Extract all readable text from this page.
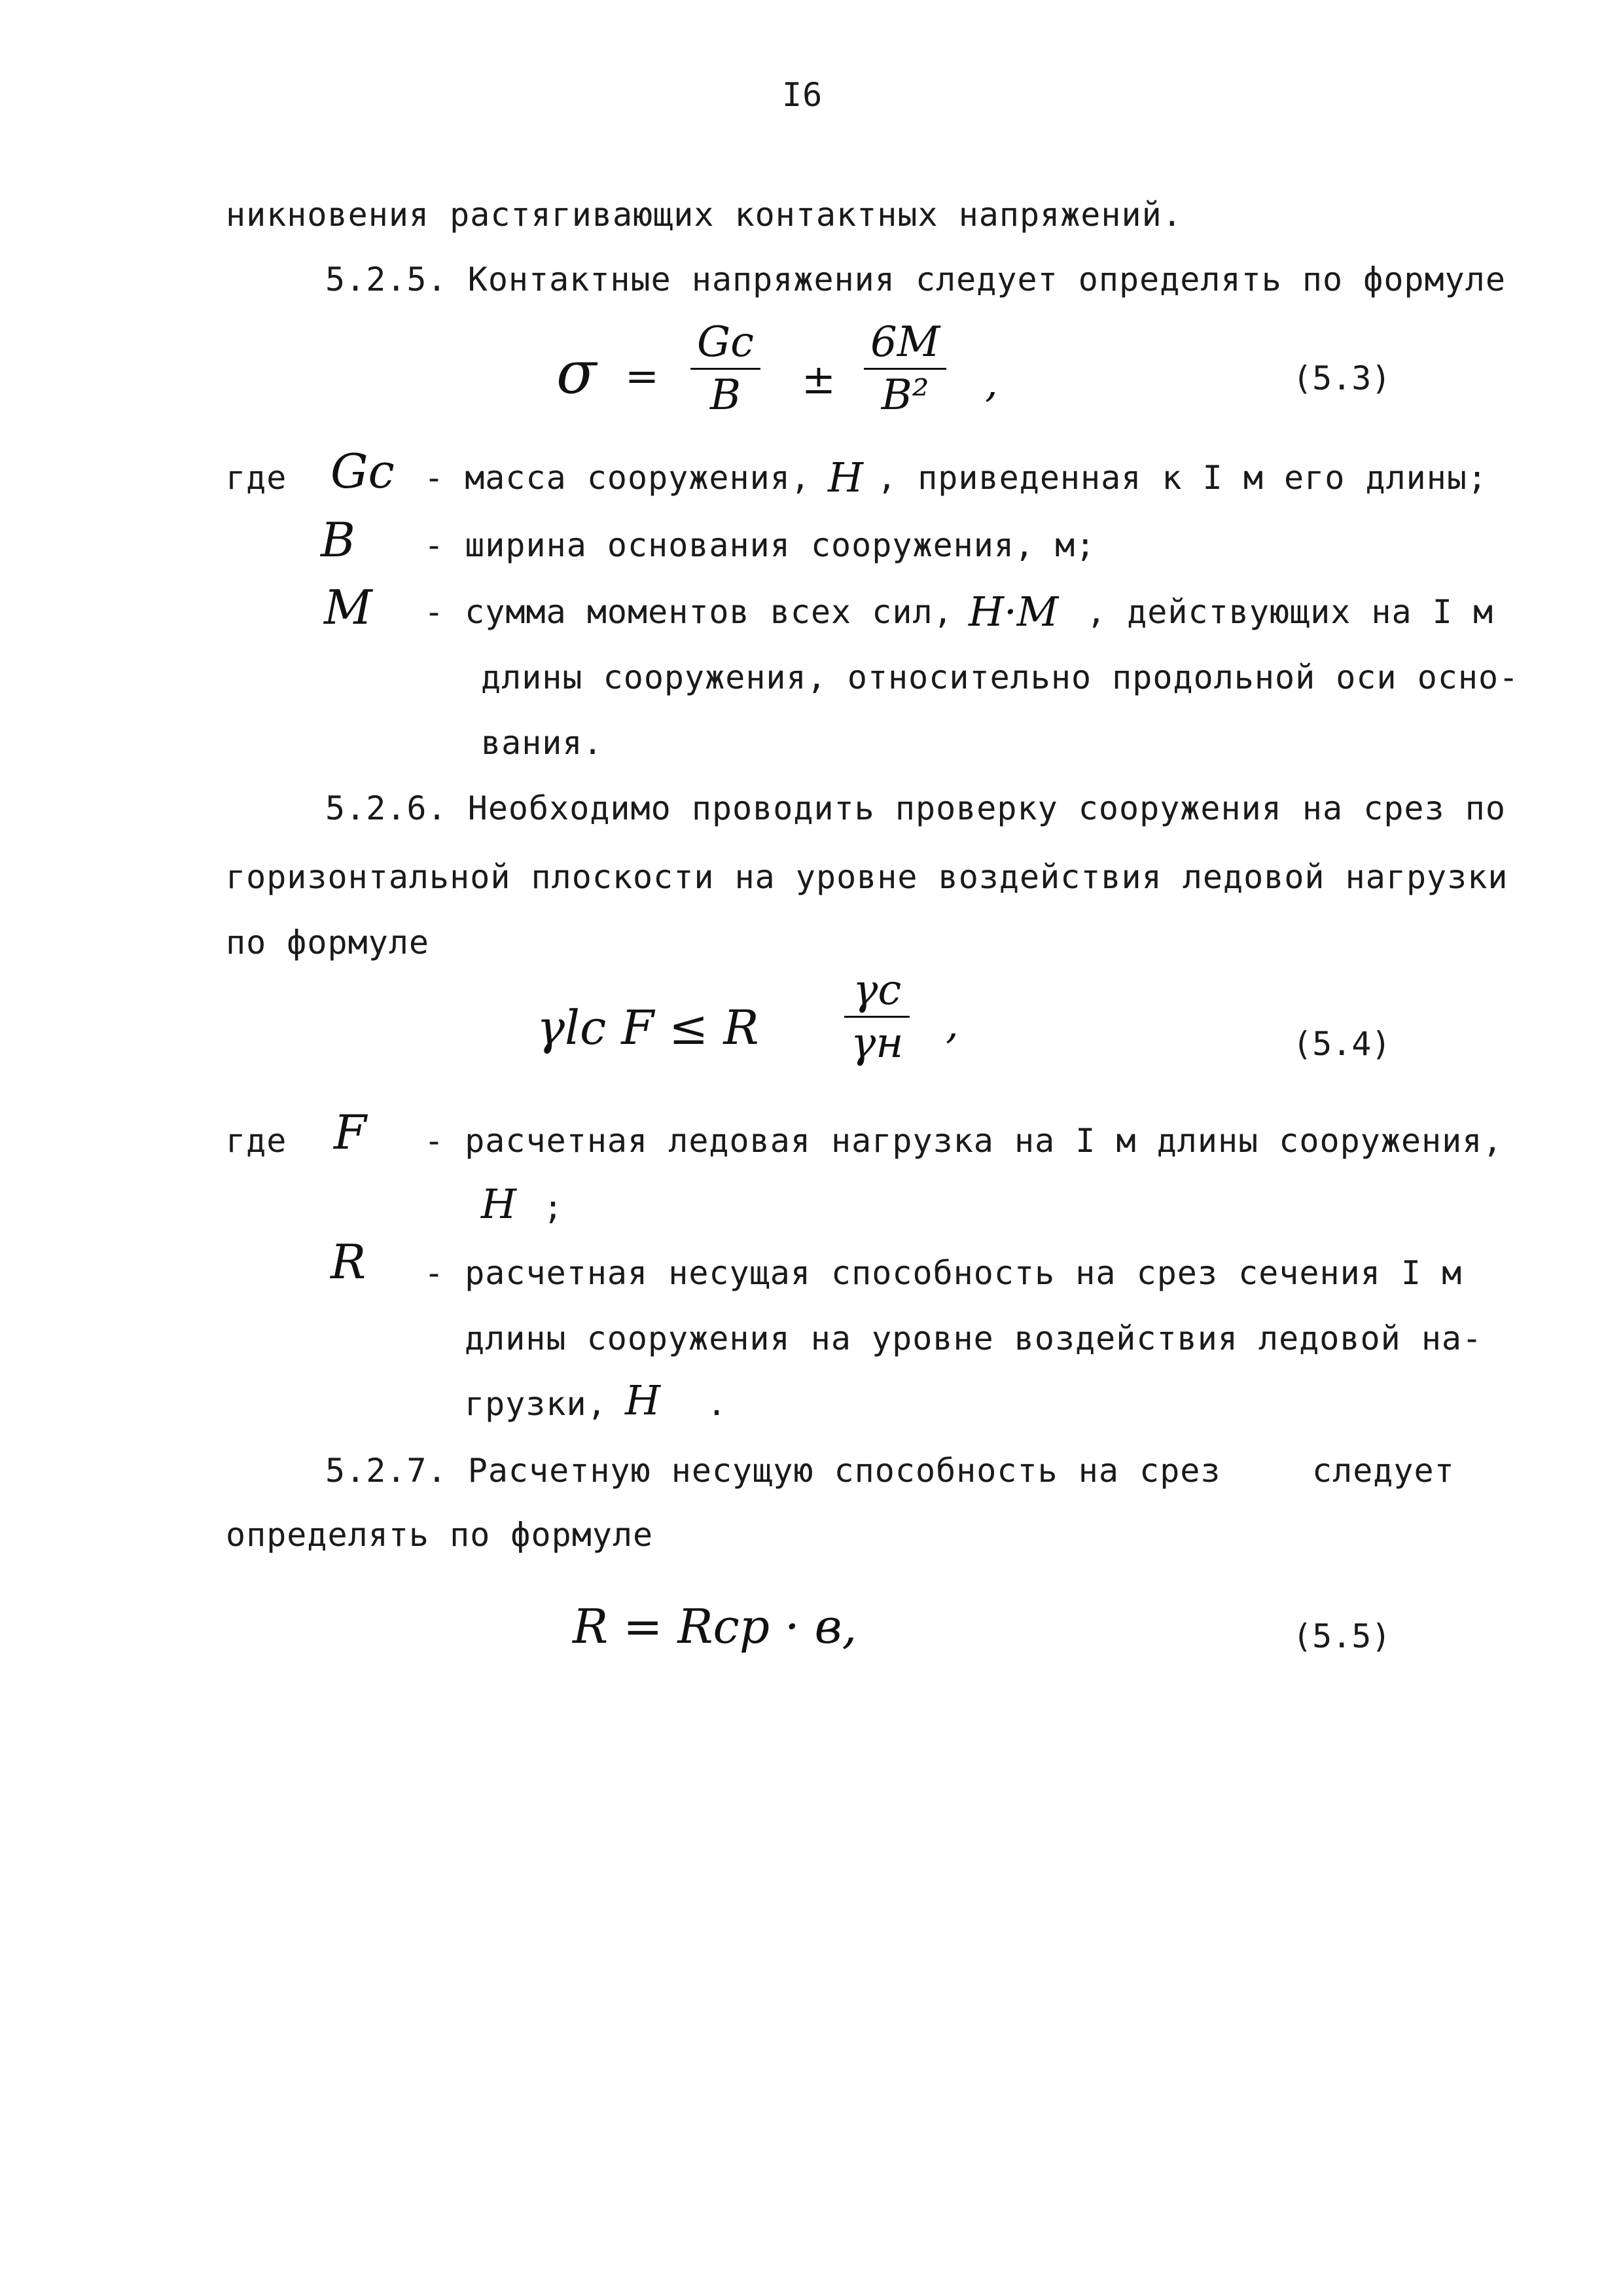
I6
никновения растягивающих контактных напряжений.
5.2.5. Контактные напряжения следует определять по формуле
σ =
Gc
B ±
6M
B² ,	(5.3)
где Gc - масса сооружения, H , приведенная к I м его длины;
B - ширина основания сооружения, м;
M - сумма моментов всех сил, H·M , действующих на I м
длины сооружения, относительно продольной оси осно-
вания.
5.2.6. Необходимо проводить проверку сооружения на срез по
горизонтальной плоскости на уровне воздействия ледовой нагрузки
по формуле
γlc F ≤ R
γc
γн ,	(5.4)
где F - расчетная ледовая нагрузка на I м длины сооружения,
H ;
R - расчетная несущая способность на срез сечения I м
длины сооружения на уровне воздействия ледовой на-
грузки, H .
5.2.7. Расчетную несущую способность на срез	следует
определять по формуле
R = Rср · в,	(5.5)
